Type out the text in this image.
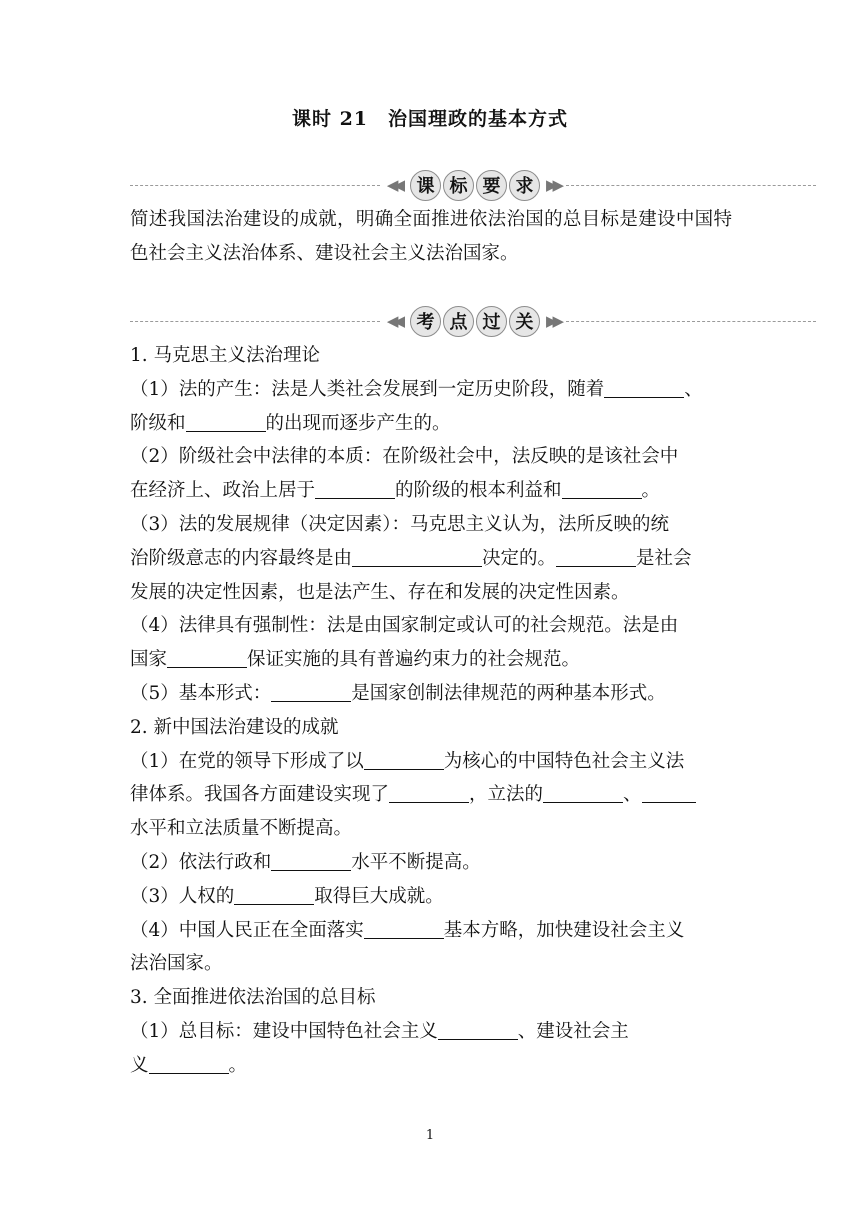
课时 21　治国理政的基本方式
◀◀ 课 标 要 求 ▶▶
简述我国法治建设的成就，明确全面推进依法治国的总目标是建设中国特色社会主义法治体系、建设社会主义法治国家。
◀◀ 考 点 过 关 ▶▶
1. 马克思主义法治理论
（1）法的产生：法是人类社会发展到一定历史阶段，随着	、
阶级和	的出现而逐步产生的。
（2）阶级社会中法律的本质：在阶级社会中，法反映的是该社会中
在经济上、政治上居于	的阶级的根本利益和	。
（3）法的发展规律（决定因素）：马克思主义认为，法所反映的统
治阶级意志的内容最终是由	决定的。	是社会
发展的决定性因素，也是法产生、存在和发展的决定性因素。
（4）法律具有强制性：法是由国家制定或认可的社会规范。法是由
国家	保证实施的具有普遍约束力的社会规范。
（5）基本形式：	是国家创制法律规范的两种基本形式。
2. 新中国法治建设的成就
（1）在党的领导下形成了以	为核心的中国特色社会主义法
律体系。我国各方面建设实现了	，立法的	、
水平和立法质量不断提高。
（2）依法行政和	水平不断提高。
（3）人权的	取得巨大成就。
（4）中国人民正在全面落实	基本方略，加快建设社会主义
法治国家。
3. 全面推进依法治国的总目标
（1）总目标：建设中国特色社会主义	、建设社会主
义	。
1
